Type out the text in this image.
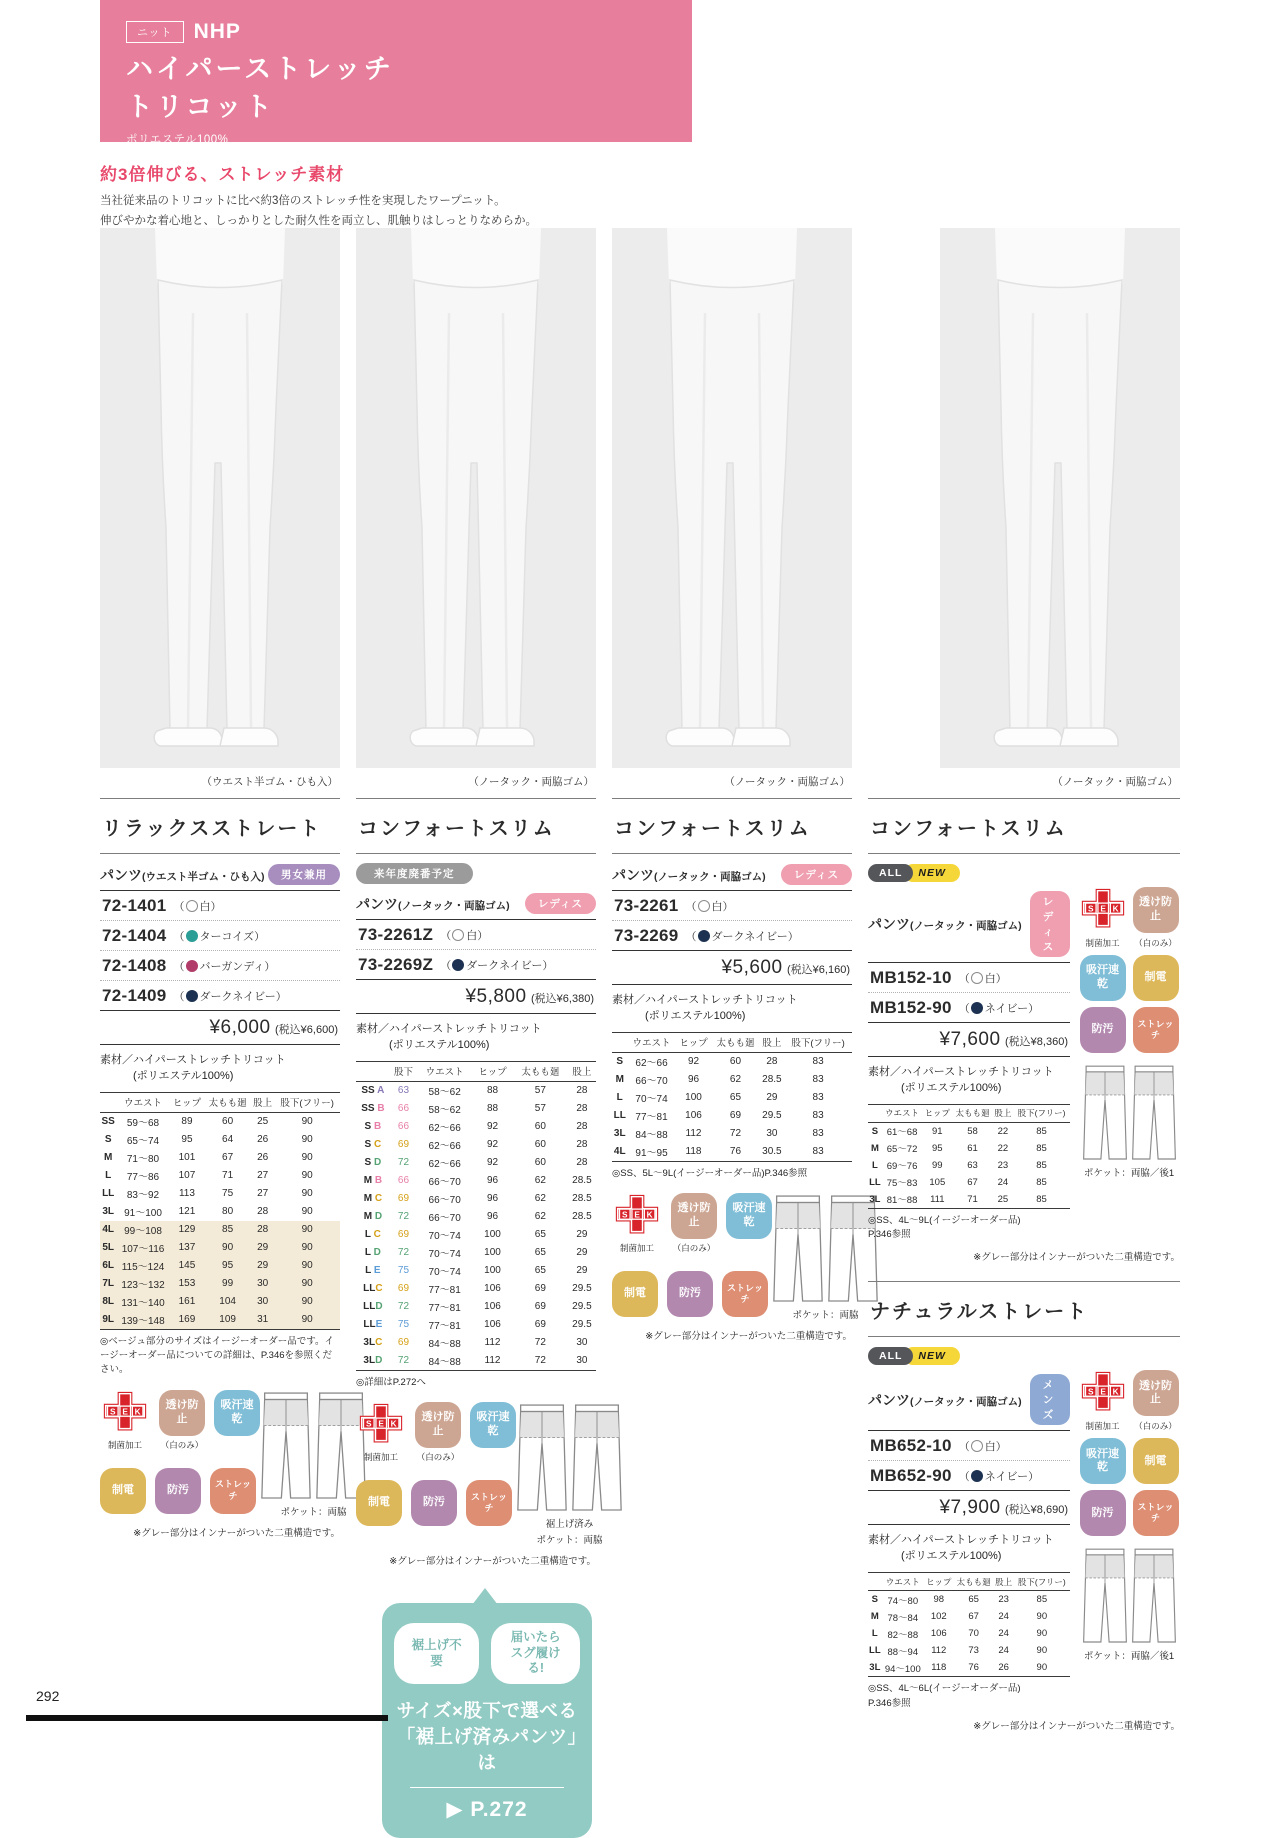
ニット	NHP
ハイパーストレッチ
トリコット
ポリエステル100%
約3倍伸びる、ストレッチ素材
当社従来品のトリコットに比べ約3倍のストレッチ性を実現したワープニット。
伸びやかな着心地と、しっかりとした耐久性を両立し、肌触りはしっとりなめらか。
（ウエスト半ゴム・ひも入）
リラックスストレート
パンツ(ウエスト半ゴム・ひも入)	男女兼用
72-1401 （ 白 ）
72-1404 （ ターコイズ ）
72-1408 （ バーガンディ ）
72-1409 （ ダークネイビー ）
¥6,000 (税込¥6,600)
素材／ハイパーストレッチトリコット
(ポリエステル100%)
	ウエスト	ヒップ	太もも廻	股上	股下(フリー)
SS	59～68	89	60	25	90
S	65～74	95	64	26	90
M	71～80	101	67	26	90
L	77～86	107	71	27	90
LL	83～92	113	75	27	90
3L	91～100	121	80	28	90
4L	99～108	129	85	28	90
5L	107～116	137	90	29	90
6L	115～124	145	95	29	90
7L	123～132	153	99	30	90
8L	131～140	161	104	30	90
9L	139～148	169	109	31	90
◎ベージュ部分のサイズはイージーオーダー品です。イージーオーダー品についての詳細は、P.346を参照ください。
制菌加工
透け防止
（白のみ）
吸汗速乾
制電	防汚	ストレッチ
ポケット：両脇
※グレー部分はインナーがついた二重構造です。
（ノータック・両脇ゴム）
コンフォートスリム
来年度廃番予定
パンツ(ノータック・両脇ゴム)	レディス
73-2261Z （ 白 ）
73-2269Z （ ダークネイビー ）
¥5,800 (税込¥6,380)
素材／ハイパーストレッチトリコット
(ポリエステル100%)
	股下	ウエスト	ヒップ	太もも廻	股上
SS A	63	58～62	88	57	28
SS B	66	58～62	88	57	28
S B	66	62～66	92	60	28
S C	69	62～66	92	60	28
S D	72	62～66	92	60	28
M B	66	66～70	96	62	28.5
M C	69	66～70	96	62	28.5
M D	72	66～70	96	62	28.5
L C	69	70～74	100	65	29
L D	72	70～74	100	65	29
L E	75	70～74	100	65	29
LLC	69	77～81	106	69	29.5
LLD	72	77～81	106	69	29.5
LLE	75	77～81	106	69	29.5
3LC	69	84～88	112	72	30
3LD	72	84～88	112	72	30
◎詳細はP.272へ
制菌加工
透け防止
（白のみ）
吸汗速乾
制電	防汚	ストレッチ
裾上げ済み
ポケット：両脇
※グレー部分はインナーがついた二重構造です。
裾上げ不要
届いたら
スグ履ける!
サイズ×股下で選べる
「裾上げ済みパンツ」は
▶ P.272
（ノータック・両脇ゴム）
コンフォートスリム
パンツ(ノータック・両脇ゴム)	レディス
73-2261 （ 白 ）
73-2269 （ ダークネイビー ）
¥5,600 (税込¥6,160)
素材／ハイパーストレッチトリコット
(ポリエステル100%)
	ウエスト	ヒップ	太もも廻	股上	股下(フリー)
S	62～66	92	60	28	83
M	66～70	96	62	28.5	83
L	70～74	100	65	29	83
LL	77～81	106	69	29.5	83
3L	84～88	112	72	30	83
4L	91～95	118	76	30.5	83
◎SS、5L～9L(イージーオーダー品)P.346参照
制菌加工
透け防止
（白のみ）
吸汗速乾
制電	防汚	ストレッチ
ポケット：両脇
※グレー部分はインナーがついた二重構造です。
（ノータック・両脇ゴム）
コンフォートスリム
ALL NEW
パンツ(ノータック・両脇ゴム)
レディス
MB152-10 （ 白 ）
MB152-90 （ ネイビー ）
¥7,600 (税込¥8,360)
素材／ハイパーストレッチトリコット
(ポリエステル100%)
	ウエスト	ヒップ	太もも廻	股上	股下(フリー)
S	61～68	91	58	22	85
M	65～72	95	61	22	85
L	69～76	99	63	23	85
LL	75～83	105	67	24	85
3L	81～88	111	71	25	85
◎SS、4L～9L(イージーオーダー品)
P.346参照
透け防止
制菌加工 （白のみ）
吸汗速乾
制電
防汚	ストレッチ
ポケット：両脇／後1
※グレー部分はインナーがついた二重構造です。
ナチュラルストレート
ALL NEW
パンツ(ノータック・両脇ゴム)
メンズ
MB652-10 （ 白 ）
MB652-90 （ ネイビー ）
¥7,900 (税込¥8,690)
素材／ハイパーストレッチトリコット
(ポリエステル100%)
	ウエスト	ヒップ	太もも廻	股上	股下(フリー)
S	74～80	98	65	23	85
M	78～84	102	67	24	90
L	82～88	106	70	24	90
LL	88～94	112	73	24	90
3L	94～100	118	76	26	90
◎SS、4L～6L(イージーオーダー品)
P.346参照
透け防止
制菌加工 （白のみ）
吸汗速乾
制電
防汚	ストレッチ
ポケット：両脇／後1
※グレー部分はインナーがついた二重構造です。
292
